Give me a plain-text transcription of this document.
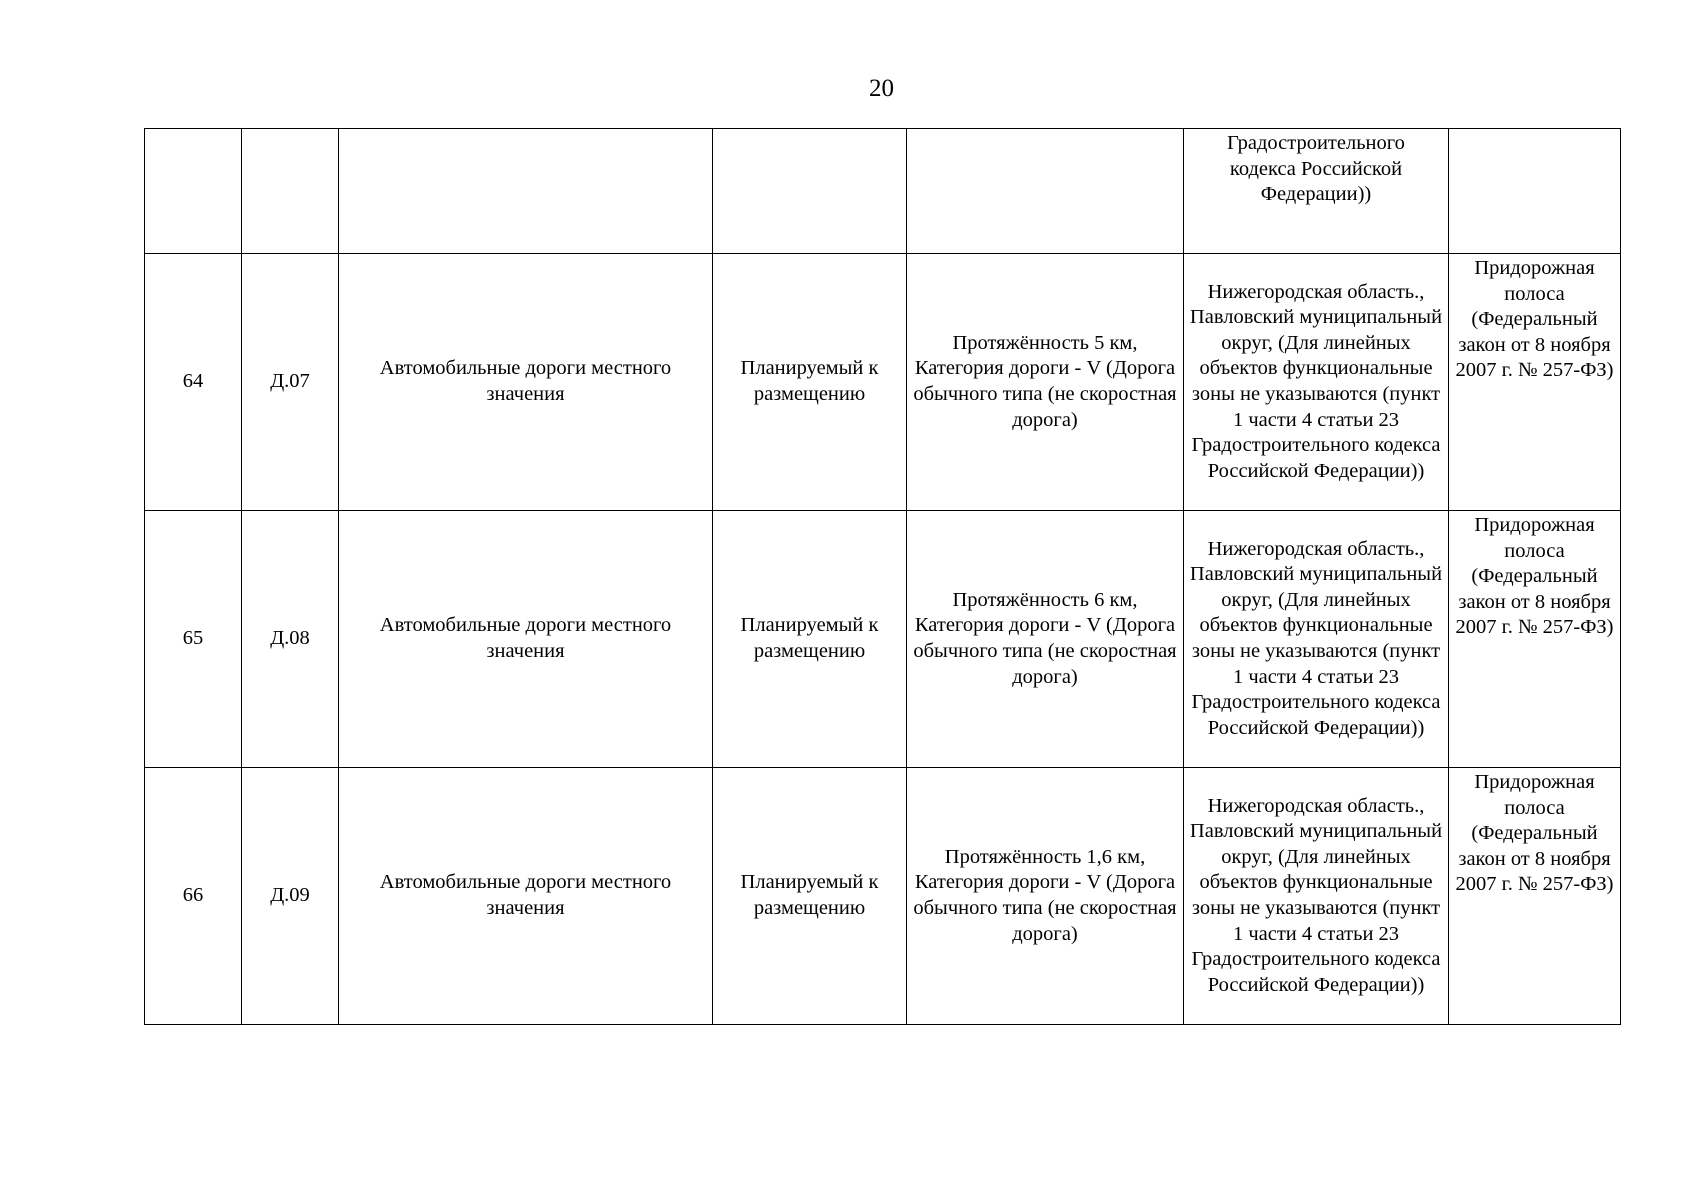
20

					Градостроительного
кодекса Российской
Федерации))	

64	Д.07	Автомобильные дороги местного значения	Планируемый к размещению	Протяжённость 5 км, Категория дороги - V (Дорога обычного типа (не скоростная дорога)	Нижегородская область., Павловский муниципальный округ, (Для линейных объектов функциональные зоны не указываются (пункт 1 части 4 статьи 23 Градостроительного кодекса Российской Федерации))	Придорожная полоса (Федеральный закон от 8 ноября 2007 г. № 257-ФЗ)
65	Д.08	Автомобильные дороги местного значения	Планируемый к размещению	Протяжённость 6 км, Категория дороги - V (Дорога обычного типа (не скоростная дорога)	Нижегородская область., Павловский муниципальный округ, (Для линейных объектов функциональные зоны не указываются (пункт 1 части 4 статьи 23 Градостроительного кодекса Российской Федерации))	Придорожная полоса (Федеральный закон от 8 ноября 2007 г. № 257-ФЗ)
66	Д.09	Автомобильные дороги местного значения	Планируемый к размещению	Протяжённость 1,6 км, Категория дороги - V (Дорога обычного типа (не скоростная дорога)	Нижегородская область., Павловский муниципальный округ, (Для линейных объектов функциональные зоны не указываются (пункт 1 части 4 статьи 23 Градостроительного кодекса Российской Федерации))	Придорожная полоса (Федеральный закон от 8 ноября 2007 г. № 257-ФЗ)
